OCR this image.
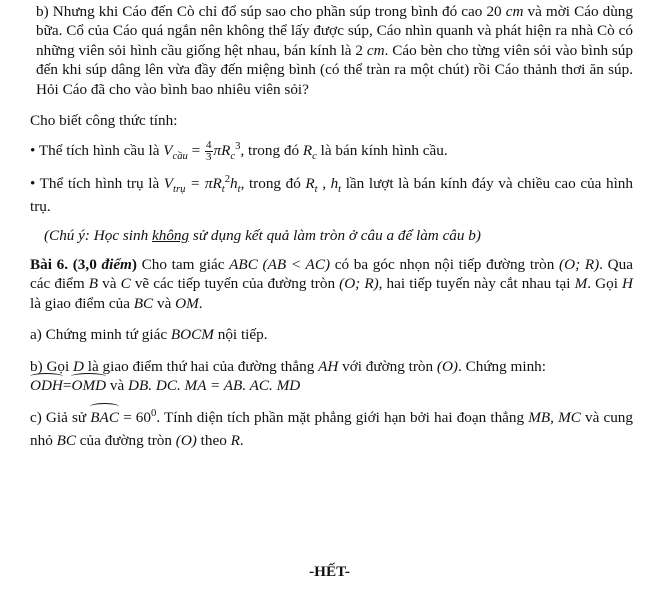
b) Nhưng khi Cáo đến Cò chỉ đổ súp sao cho phần súp trong bình đó cao 20 cm và mời Cáo dùng bữa. Cổ của Cáo quá ngắn nên không thể lấy được súp, Cáo nhìn quanh và phát hiện ra nhà Cò có những viên sỏi hình cầu giống hệt nhau, bán kính là 2 cm. Cáo bèn cho từng viên sỏi vào bình súp đến khi súp dâng lên vừa đầy đến miệng bình (có thể tràn ra một chút) rồi Cáo thảnh thơi ăn súp. Hỏi Cáo đã cho vào bình bao nhiêu viên sỏi?

Cho biết công thức tính:

• Thể tích hình cầu là $V_{cầu} = \frac{4}{3} \pi R_c^3$, trong đó $R_c$ là bán kính hình cầu.

• Thể tích hình trụ là $V_{trụ} = \pi R_t^2h_t$, trong đó $R_t$ , $h_t$ lần lượt là bán kính đáy và chiều cao của hình trụ.

(Chú ý: Học sinh không sử dụng kết quả làm tròn ở câu a để làm câu b)

Bài 6. (3,0 điểm) Cho tam giác ABC (AB < AC) có ba góc nhọn nội tiếp đường tròn (O; R). Qua các điểm B và C vẽ các tiếp tuyến của đường tròn (O; R), hai tiếp tuyến này cắt nhau tại M. Gọi H là giao điểm của BC và OM.

a) Chứng minh tứ giác BOCM nội tiếp.

b) Gọi D là giao điểm thứ hai của đường thẳng AH với đường tròn (O). Chứng minh:
ODH=OMD và DB. DC. MA = AB. AC. MD

c) Giả sử BAC = $60^0$. Tính diện tích phần mặt phẳng giới hạn bởi hai đoạn thẳng MB, MC và cung nhỏ BC của đường tròn (O) theo R.

-HẾT-
